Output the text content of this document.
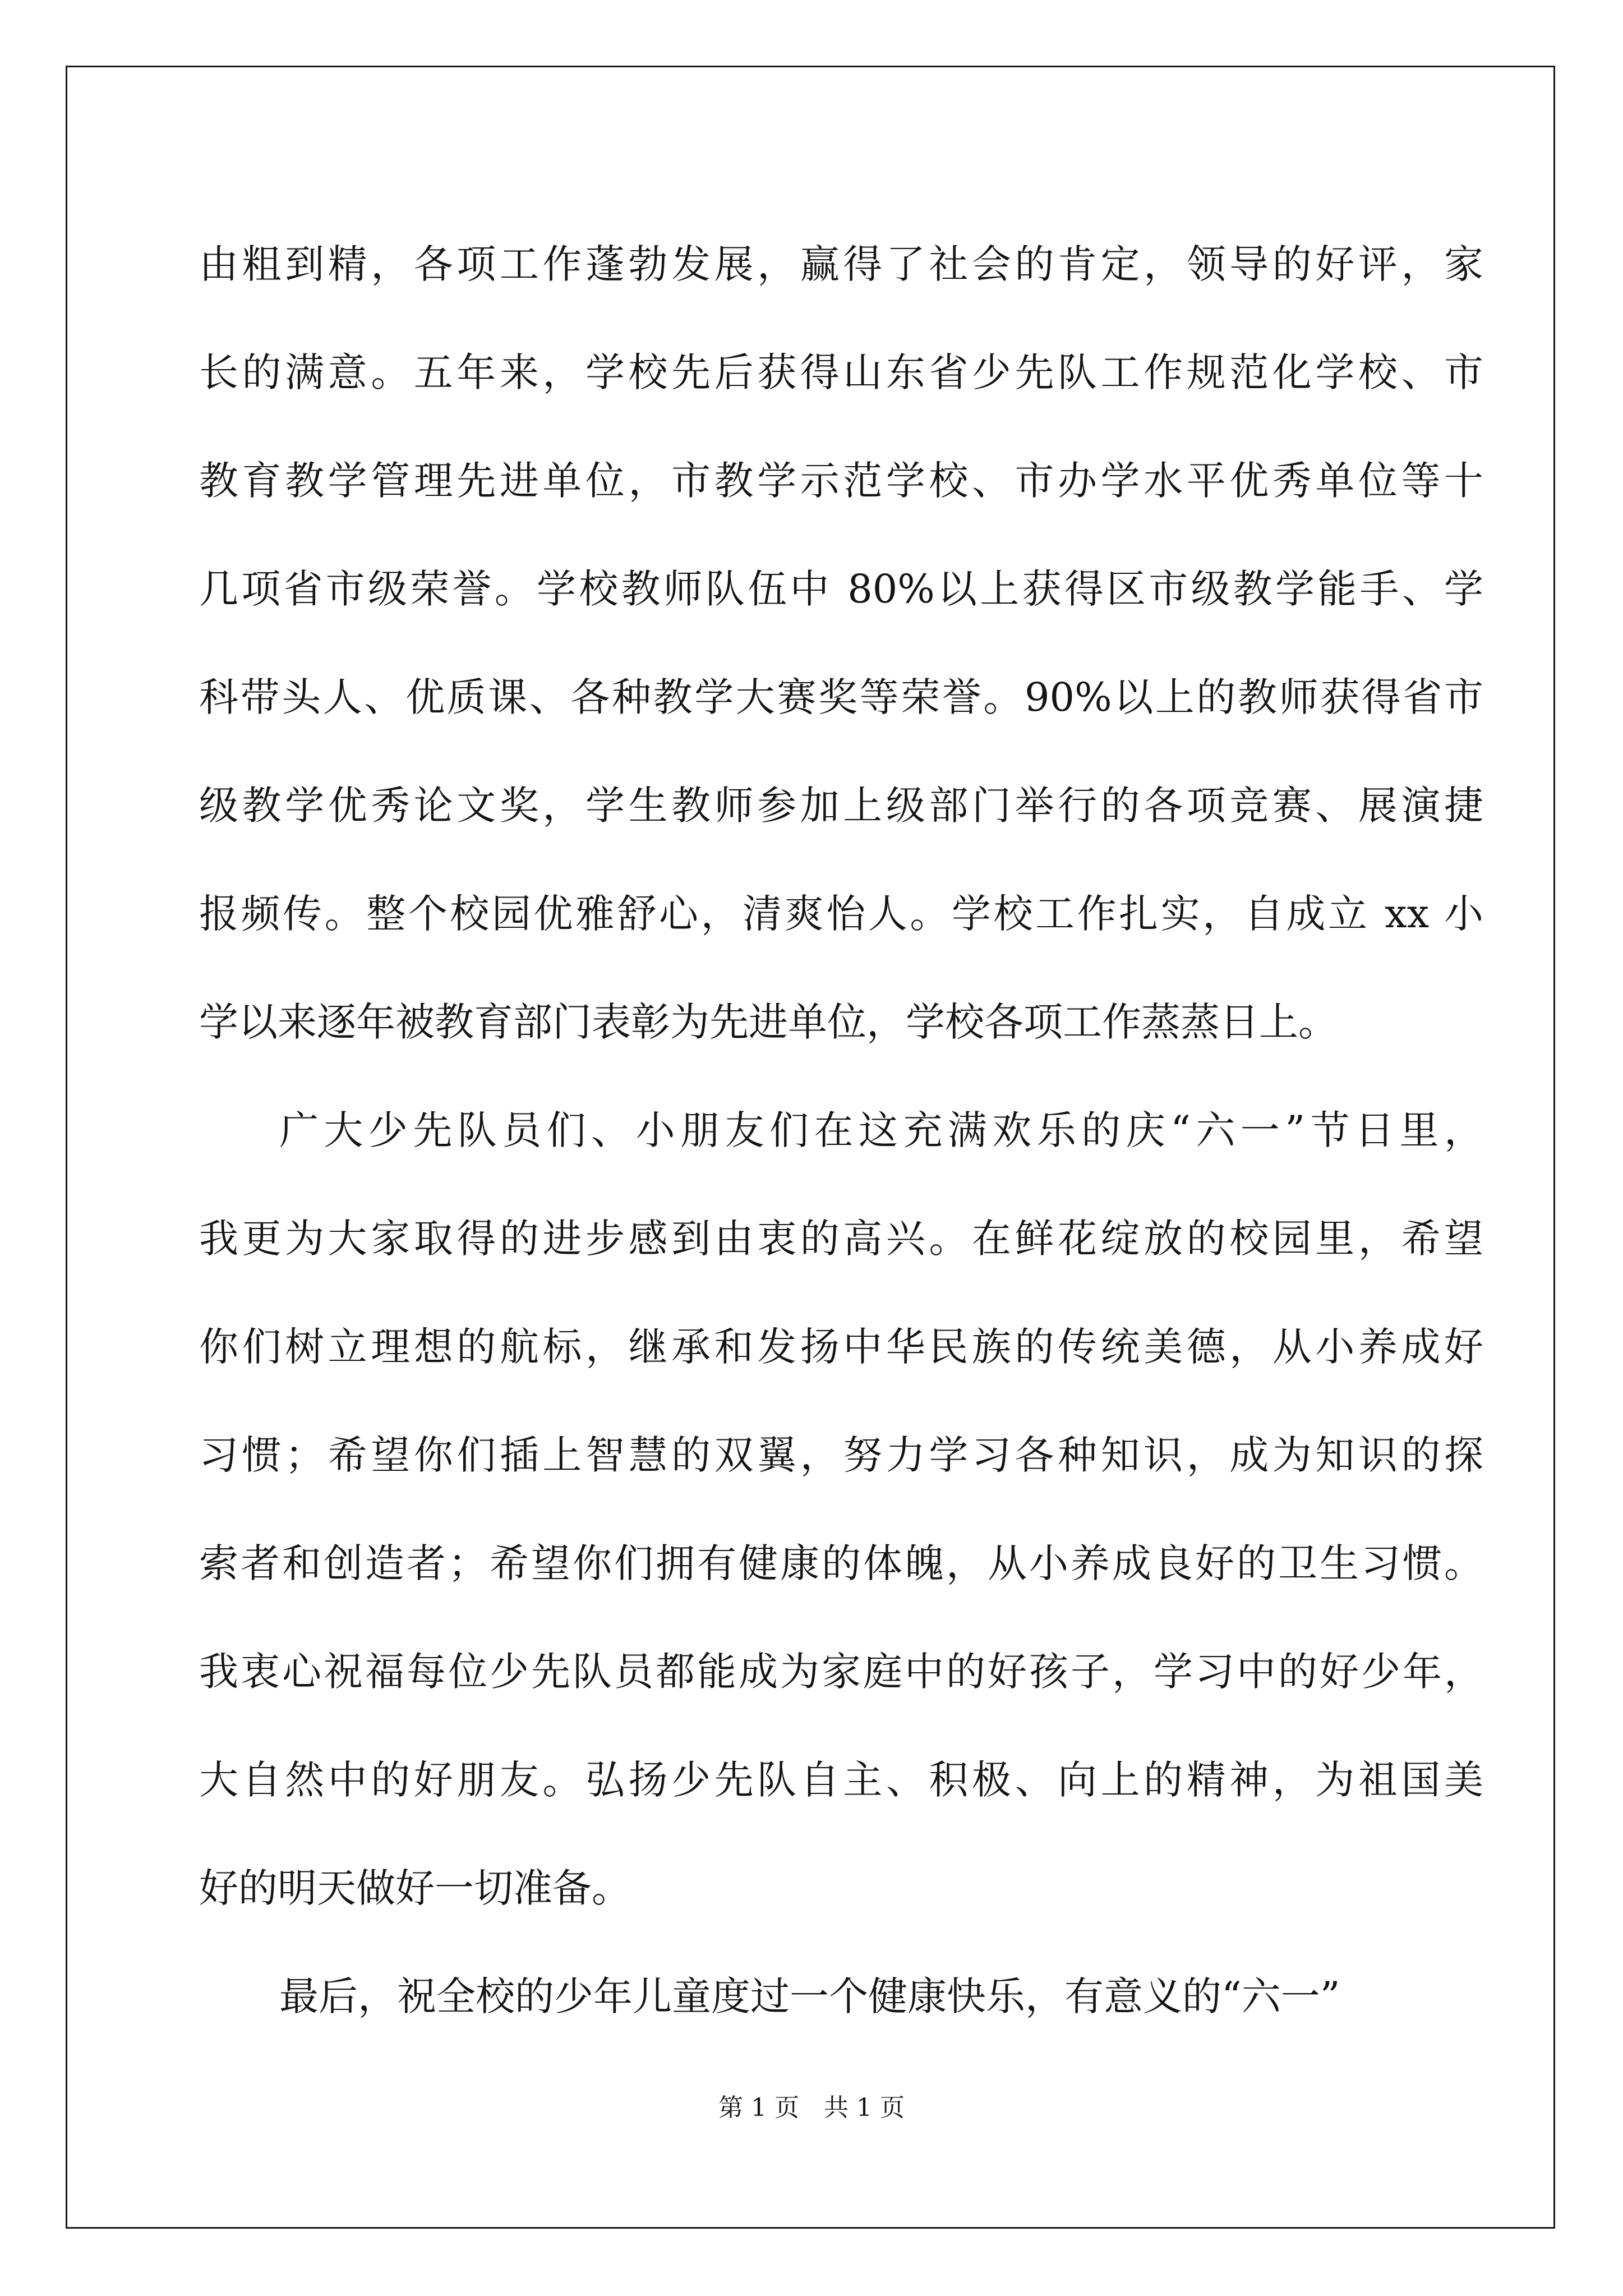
由粗到精，各项工作蓬勃发展，赢得了社会的肯定，领导的好评，家
长的满意。五年来，学校先后获得山东省少先队工作规范化学校、市
教育教学管理先进单位，市教学示范学校、市办学水平优秀单位等十
几项省市级荣誉。学校教师队伍中 80%以上获得区市级教学能手、学
科带头人、优质课、各种教学大赛奖等荣誉。90%以上的教师获得省市
级教学优秀论文奖，学生教师参加上级部门举行的各项竞赛、展演捷
报频传。整个校园优雅舒心，清爽怡人。学校工作扎实，自成立 xx 小
学以来逐年被教育部门表彰为先进单位，学校各项工作蒸蒸日上。
广大少先队员们、小朋友们在这充满欢乐的庆“六一”节日里，
我更为大家取得的进步感到由衷的高兴。在鲜花绽放的校园里，希望
你们树立理想的航标，继承和发扬中华民族的传统美德，从小养成好
习惯；希望你们插上智慧的双翼，努力学习各种知识，成为知识的探
索者和创造者；希望你们拥有健康的体魄，从小养成良好的卫生习惯。
我衷心祝福每位少先队员都能成为家庭中的好孩子，学习中的好少年，
大自然中的好朋友。弘扬少先队自主、积极、向上的精神，为祖国美
好的明天做好一切准备。
最后，祝全校的少年儿童度过一个健康快乐，有意义的“六一”
第 1 页　共 1 页
